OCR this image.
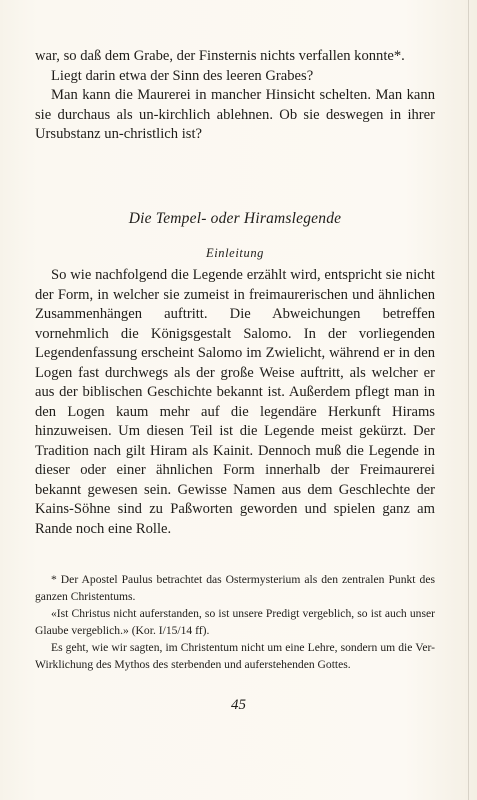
war, so daß dem Grabe, der Finsternis nichts verfallen konnte*.

Liegt darin etwa der Sinn des leeren Grabes?

Man kann die Maurerei in mancher Hinsicht schelten. Man kann sie durchaus als un-kirchlich ablehnen. Ob sie deswegen in ihrer Ursubstanz un-christlich ist?

Die Tempel- oder Hiramslegende
Einleitung

So wie nachfolgend die Legende erzählt wird, entspricht sie nicht der Form, in welcher sie zumeist in freimaurerischen und ähnlichen Zusammenhängen auftritt. Die Abweichungen betreffen vornehmlich die Königsgestalt Salomo. In der vorliegenden Legendenfassung erscheint Salomo im Zwielicht, während er in den Logen fast durchwegs als der große Weise auftritt, als welcher er aus der biblischen Geschichte bekannt ist. Außerdem pflegt man in den Logen kaum mehr auf die legendäre Herkunft Hirams hinzuweisen. Um diesen Teil ist die Legende meist gekürzt. Der Tradition nach gilt Hiram als Kainit. Dennoch muß die Legende in dieser oder einer ähnlichen Form innerhalb der Freimaurerei bekannt gewesen sein. Gewisse Namen aus dem Geschlechte der Kains-Söhne sind zu Paßworten geworden und spielen ganz am Rande noch eine Rolle.

* Der Apostel Paulus betrachtet das Ostermysterium als den zentralen Punkt des ganzen Christentums.

«Ist Christus nicht auferstanden, so ist unsere Predigt vergeblich, so ist auch unser Glaube vergeblich.» (Kor. I/15/14 ff).

Es geht, wie wir sagten, im Christentum nicht um eine Lehre, sondern um die Ver-Wirklichung des Mythos des sterbenden und auferstehenden Gottes.

45
